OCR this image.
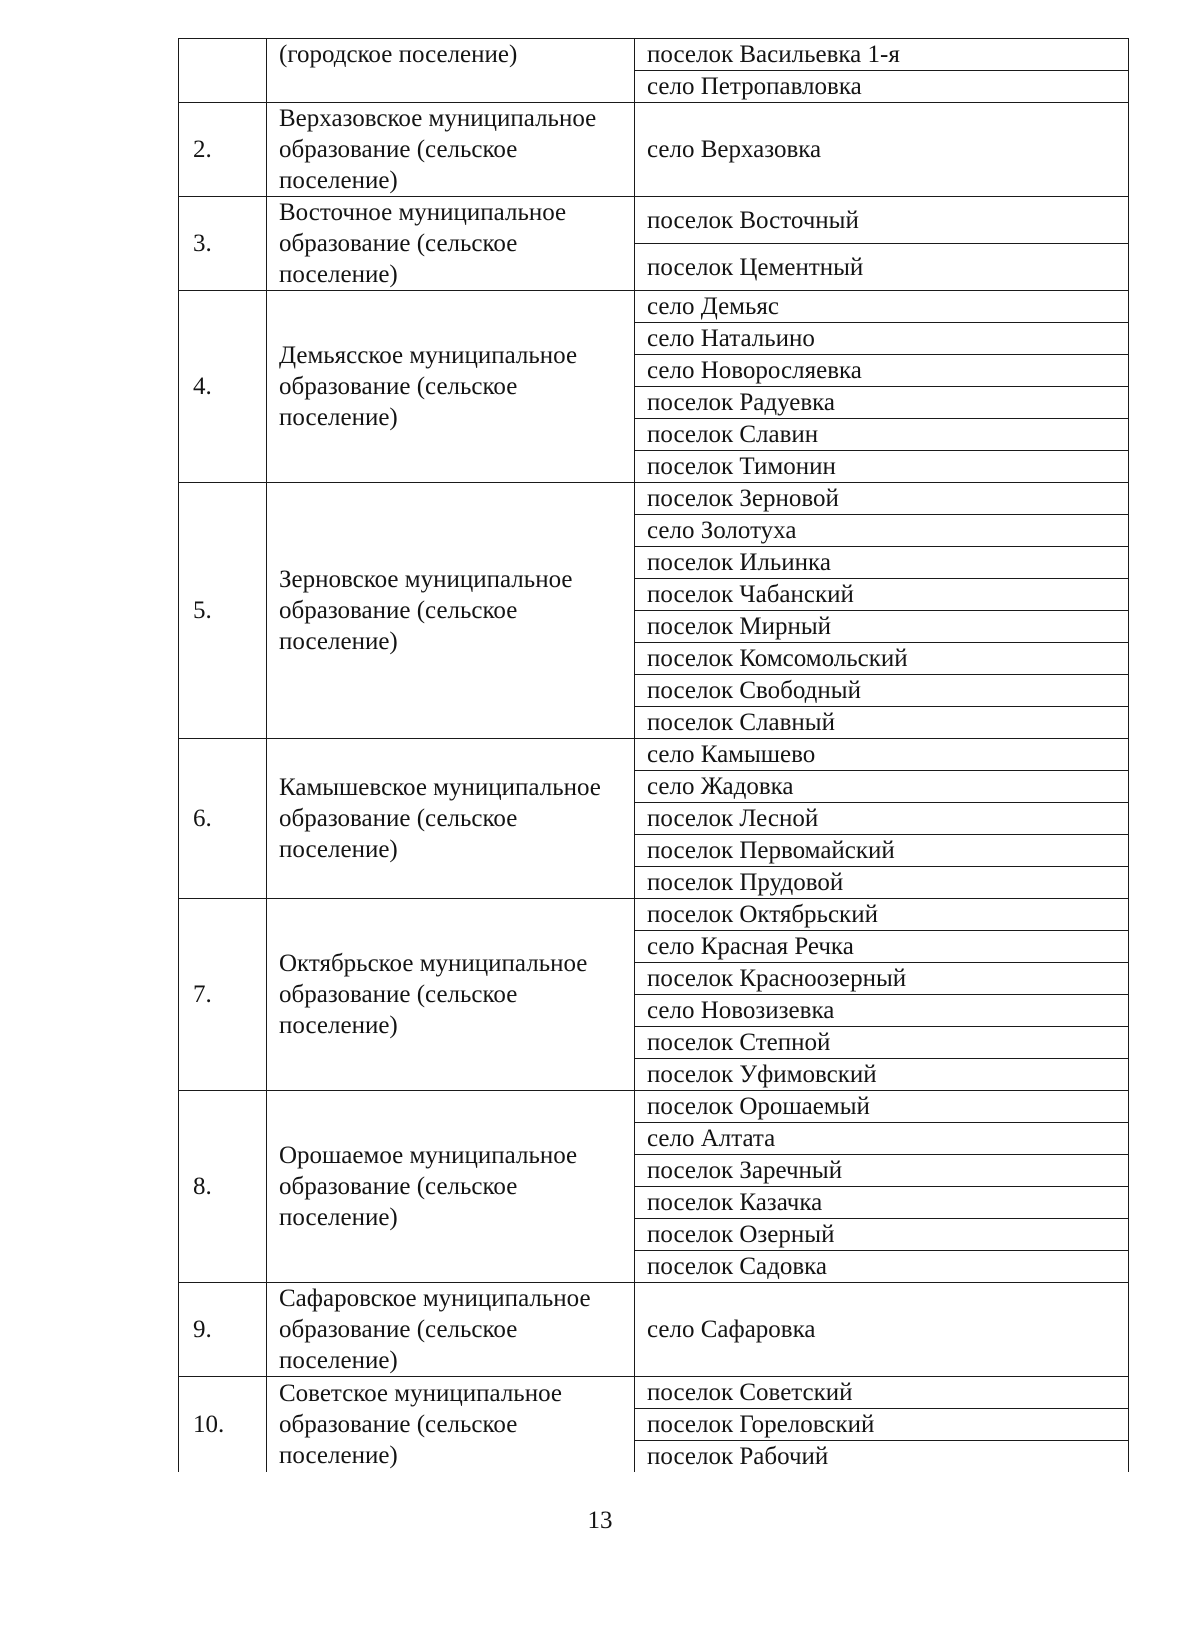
	(городское поселение)	поселок Васильевка 1-я
		село Петропавловка
2.	Верхазовское муниципальное образование (сельское поселение)	село Верхазовка
3.	Восточное муниципальное образование (сельское поселение)	поселок Восточный
		поселок Цементный
4.	Демьясское муниципальное образование (сельское поселение)	село Демьяс
		село Натальино
		село Новоросляевка
		поселок Радуевка
		поселок Славин
		поселок Тимонин
5.	Зерновское муниципальное образование (сельское поселение)	поселок Зерновой
		село Золотуха
		поселок Ильинка
		поселок Чабанский
		поселок Мирный
		поселок Комсомольский
		поселок Свободный
		поселок Славный
6.	Камышевское муниципальное образование (сельское поселение)	село Камышево
		село Жадовка
		поселок Лесной
		поселок Первомайский
		поселок Прудовой
7.	Октябрьское муниципальное образование (сельское поселение)	поселок Октябрьский
		село Красная Речка
		поселок Красноозерный
		село Новозизевка
		поселок Степной
		поселок Уфимовский
8.	Орошаемое муниципальное образование (сельское поселение)	поселок Орошаемый
		село Алтата
		поселок Заречный
		поселок Казачка
		поселок Озерный
		поселок Садовка
9.	Сафаровское муниципальное образование (сельское поселение)	село Сафаровка
10.	Советское муниципальное образование (сельское поселение)	поселок Советский
		поселок Гореловский
		поселок Рабочий
13
